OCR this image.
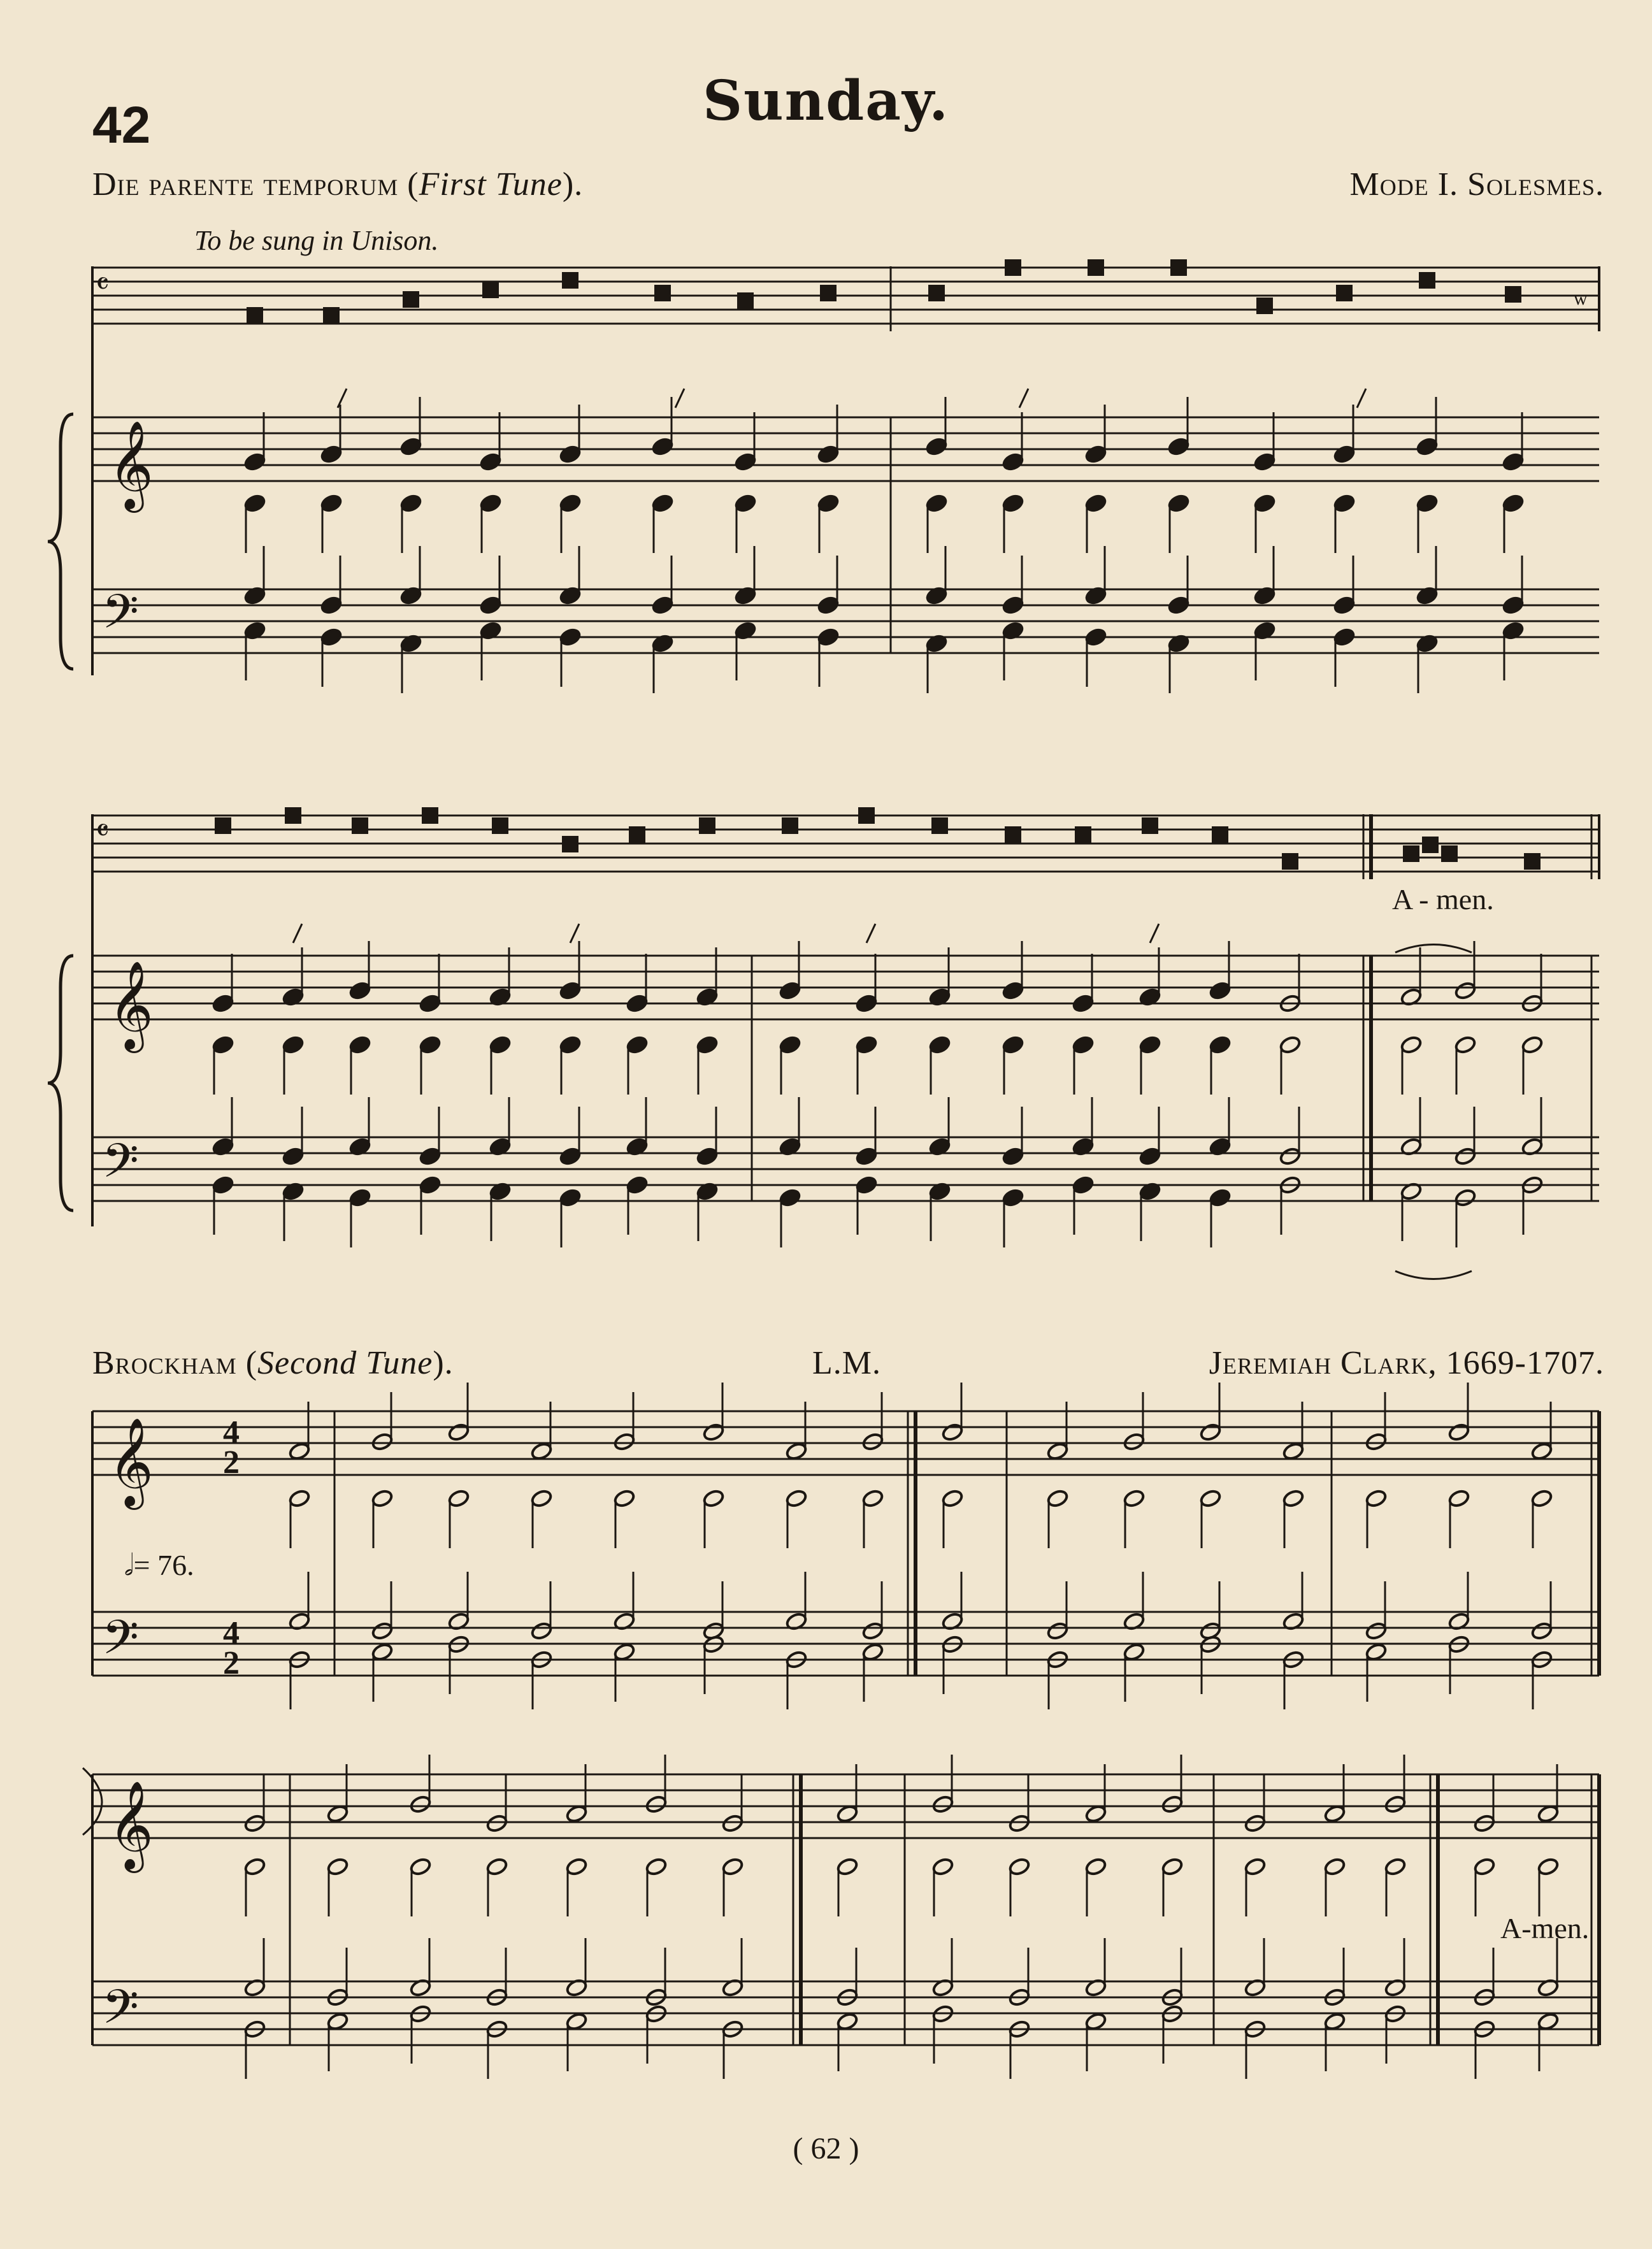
42	Sunday.
Die parente temporum (First Tune).	Mode I. Solesmes.
To be sung in Unison.
w
A - men.
Brockham (Second Tune).	L.M.	Jeremiah Clark, 1669-1707.
𝅗𝅥= 76.
A-men.
( 62 )
𝄴
𝄞
𝄢
𝄴
𝄞
𝄢
𝄞
𝄢
4
2
4
2
𝄞
𝄢
